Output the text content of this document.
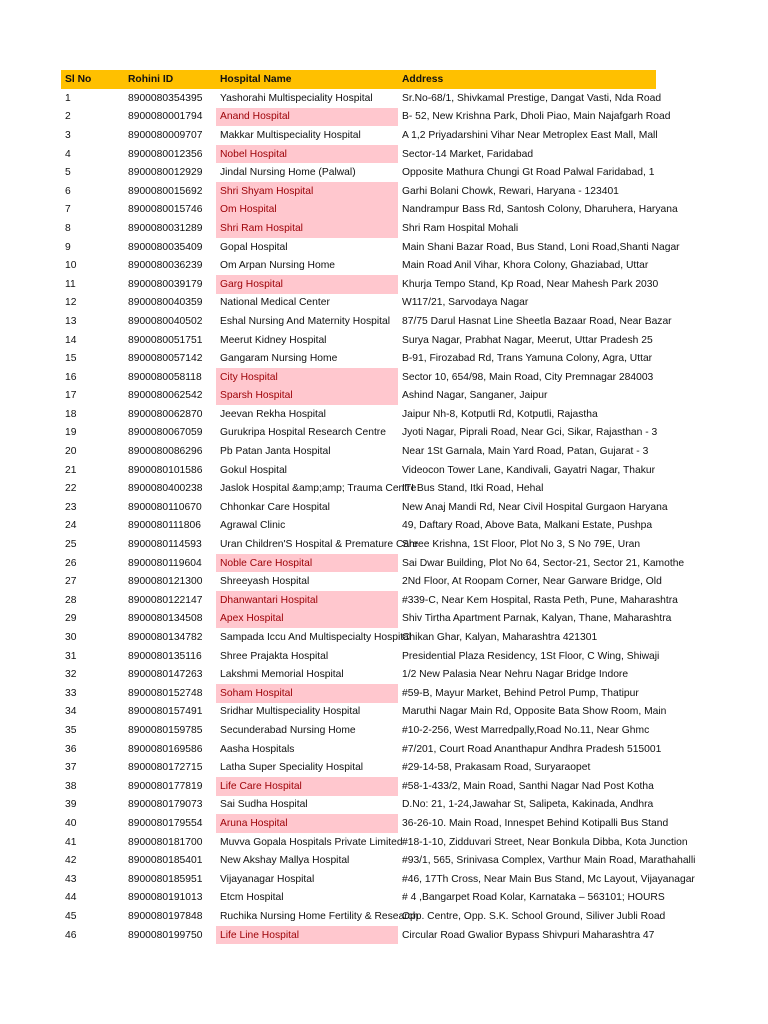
Sl No	Rohini ID	Hospital Name	Address
1	8900080354395	Yashorahi Multispeciality Hospital	Sr.No-68/1, Shivkamal Prestige, Dangat Vasti, Nda Road
2	8900080001794	Anand Hospital	B- 52, New Krishna Park, Dholi Piao, Main Najafgarh Road
3	8900080009707	Makkar Multispeciality Hospital	A 1,2 Priyadarshini Vihar Near Metroplex East Mall, Mall
4	8900080012356	Nobel Hospital	Sector-14 Market, Faridabad
5	8900080012929	Jindal Nursing Home (Palwal)	Opposite Mathura Chungi Gt Road Palwal Faridabad, 1
6	8900080015692	Shri Shyam Hospital	Garhi Bolani Chowk, Rewari, Haryana - 123401
7	8900080015746	Om Hospital	Nandrampur Bass Rd, Santosh Colony, Dharuhera, Haryana
8	8900080031289	Shri Ram Hospital	Shri Ram Hospital Mohali
9	8900080035409	Gopal Hospital	Main Shani Bazar Road, Bus Stand, Loni Road,Shanti Nagar
10	8900080036239	Om Arpan Nursing Home	Main Road Anil Vihar, Khora Colony, Ghaziabad, Uttar
11	8900080039179	Garg Hospital	Khurja Tempo Stand, Kp Road, Near Mahesh Park 2030
12	8900080040359	National Medical Center	W117/21, Sarvodaya Nagar
13	8900080040502	Eshal Nursing And Maternity Hospital	87/75 Darul Hasnat Line Sheetla Bazaar Road, Near Bazar
14	8900080051751	Meerut Kidney Hospital	Surya Nagar, Prabhat Nagar, Meerut, Uttar Pradesh 25
15	8900080057142	Gangaram Nursing Home	B-91, Firozabad Rd, Trans Yamuna Colony, Agra, Uttar
16	8900080058118	City Hospital	Sector 10, 654/98, Main Road, City Premnagar 284003
17	8900080062542	Sparsh Hospital	Ashind Nagar, Sanganer, Jaipur
18	8900080062870	Jeevan Rekha Hospital	Jaipur Nh-8, Kotputli Rd, Kotputli, Rajastha
19	8900080067059	Gurukripa Hospital Research Centre	Jyoti Nagar, Piprali Road, Near Gci, Sikar, Rajasthan - 3
20	8900080086296	Pb Patan Janta Hospital	Near 1St Garnala, Main Yard Road, Patan, Gujarat - 3
21	8900080101586	Gokul Hospital	Videocon Tower Lane, Kandivali, Gayatri Nagar, Thakur
22	8900080400238	Jaslok Hospital &amp;amp; Trauma Centre	ITI Bus Stand, Itki Road, Hehal
23	8900080110670	Chhonkar Care Hospital	New Anaj Mandi Rd, Near Civil Hospital Gurgaon Haryana
24	8900080111806	Agrawal Clinic	49, Daftary Road, Above Bata, Malkani Estate, Pushpa
25	8900080114593	Uran Children'S Hospital & Premature Care	Shree Krishna, 1St Floor, Plot No 3, S No 79E, Uran
26	8900080119604	Noble Care Hospital	Sai Dwar Building, Plot No 64, Sector-21, Sector 21, Kamothe
27	8900080121300	Shreeyash Hospital	2Nd Floor, At Roopam Corner, Near Garware Bridge, Old
28	8900080122147	Dhanwantari Hospital	#339-C, Near Kem Hospital, Rasta Peth, Pune, Maharashtra
29	8900080134508	Apex Hospital	Shiv Tirtha Apartment Parnak, Kalyan, Thane, Maharashtra
30	8900080134782	Sampada Iccu And Multispecialty Hospital	Chikan Ghar, Kalyan, Maharashtra 421301
31	8900080135116	Shree Prajakta Hospital	Presidential Plaza Residency, 1St Floor, C Wing, Shiwaji
32	8900080147263	Lakshmi Memorial Hospital	1/2 New Palasia Near Nehru Nagar Bridge Indore
33	8900080152748	Soham Hospital	#59-B, Mayur Market, Behind Petrol Pump, Thatipur
34	8900080157491	Sridhar Multispeciality Hospital	Maruthi Nagar Main Rd, Opposite Bata Show Room, Main
35	8900080159785	Secunderabad Nursing Home	#10-2-256, West Marredpally,Road No.11, Near Ghmc
36	8900080169586	Aasha Hospitals	#7/201, Court Road Ananthapur Andhra Pradesh 515001
37	8900080172715	Latha Super Speciality Hospital	#29-14-58, Prakasam Road, Suryaraopet
38	8900080177819	Life Care Hospital	#58-1-433/2, Main Road, Santhi Nagar Nad Post Kotha
39	8900080179073	Sai Sudha Hospital	D.No: 21, 1-24,Jawahar St, Salipeta, Kakinada, Andhra
40	8900080179554	Aruna Hospital	36-26-10. Main Road, Innespet Behind Kotipalli Bus Stand
41	8900080181700	Muvva Gopala Hospitals Private Limited	#18-1-10, Zidduvari Street, Near Bonkula Dibba, Kota Junction
42	8900080185401	New Akshay Mallya Hospital	#93/1, 565, Srinivasa Complex, Varthur Main Road, Marathahalli
43	8900080185951	Vijayanagar Hospital	#46, 17Th Cross, Near Main Bus Stand, Mc Layout, Vijayanagar
44	8900080191013	Etcm Hospital	# 4 ,Bangarpet Road Kolar, Karnataka – 563101; HOURS
45	8900080197848	Ruchika Nursing Home Fertility & Research	Opp. Centre, Opp. S.K. School Ground, Siliver Jubli Road
46	8900080199750	Life Line Hospital	Circular Road Gwalior Bypass Shivpuri Maharashtra 47
